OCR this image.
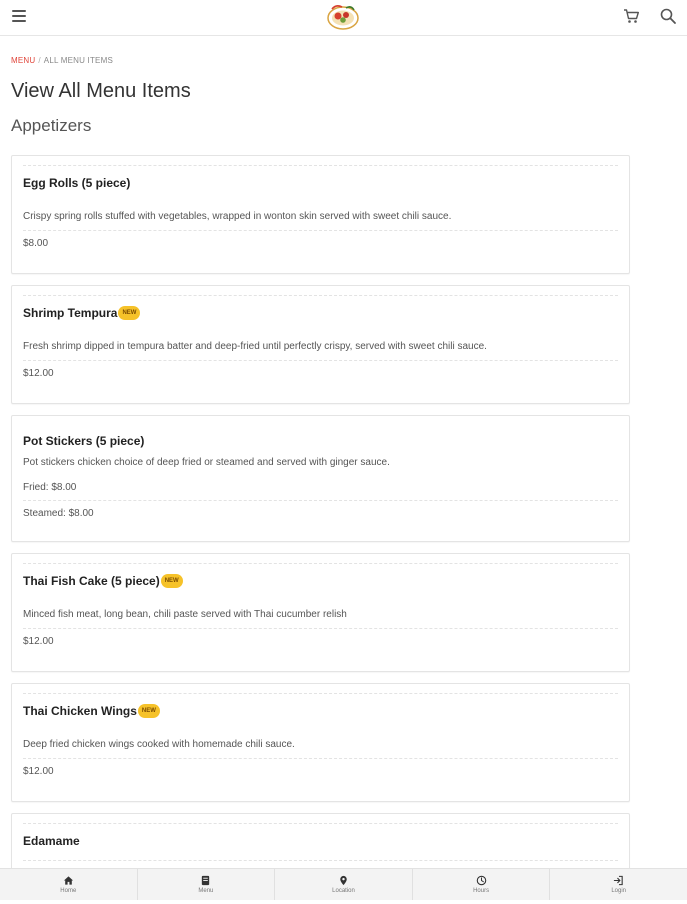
MENU / ALL MENU ITEMS
View All Menu Items
Appetizers
Egg Rolls (5 piece)
Crispy spring rolls stuffed with vegetables, wrapped in wonton skin served with sweet chili sauce.
$8.00
Shrimp Tempura NEW
Fresh shrimp dipped in tempura batter and deep-fried until perfectly crispy, served with sweet chili sauce.
$12.00
Pot Stickers (5 piece)
Pot stickers chicken choice of deep fried or steamed and served with ginger sauce.
Fried: $8.00
Steamed: $8.00
Thai Fish Cake (5 piece) NEW
Minced fish meat, long bean, chili paste served with Thai cucumber relish
$12.00
Thai Chicken Wings NEW
Deep fried chicken wings cooked with homemade chili sauce.
$12.00
Edamame
Home	Menu	Location	Hours	Login
